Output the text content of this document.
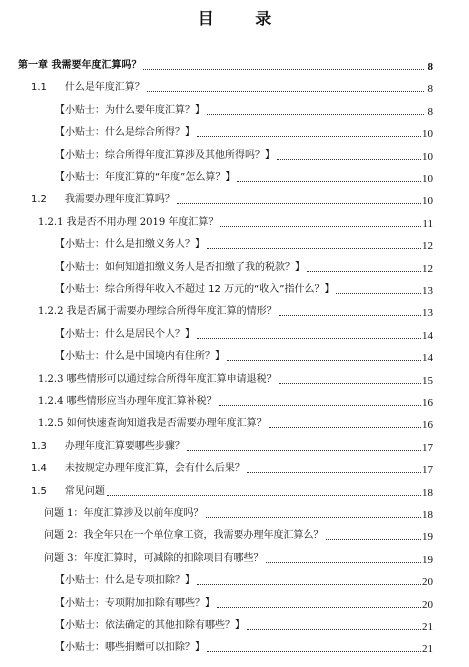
目 录
第一章 我需要年度汇算吗？	8
1.1 什么是年度汇算？	8
【小贴士：为什么要年度汇算？】	8
【小贴士：什么是综合所得？】	10
【小贴士：综合所得年度汇算涉及其他所得吗？】	10
【小贴士：年度汇算的“年度”怎么算？】	10
1.2 我需要办理年度汇算吗？	10
1.2.1 我是否不用办理 2019 年度汇算？	11
【小贴士：什么是扣缴义务人？】	12
【小贴士：如何知道扣缴义务人是否扣缴了我的税款？】	12
【小贴士：综合所得年收入不超过 12 万元的“收入”指什么？】	13
1.2.2 我是否属于需要办理综合所得年度汇算的情形？	13
【小贴士：什么是居民个人？】	14
【小贴士：什么是中国境内有住所？】	14
1.2.3 哪些情形可以通过综合所得年度汇算申请退税？	15
1.2.4 哪些情形应当办理年度汇算补税？	16
1.2.5 如何快速查询知道我是否需要办理年度汇算？	16
1.3 办理年度汇算要哪些步骤？	17
1.4 未按规定办理年度汇算，会有什么后果？	17
1.5 常见问题	18
问题 1：年度汇算涉及以前年度吗？	18
问题 2：我全年只在一个单位拿工资，我需要办理年度汇算么？	19
问题 3：年度汇算时，可减除的扣除项目有哪些？	19
【小贴士：什么是专项扣除？】	20
【小贴士：专项附加扣除有哪些？】	20
【小贴士：依法确定的其他扣除有哪些？】	21
【小贴士：哪些捐赠可以扣除？】	21
